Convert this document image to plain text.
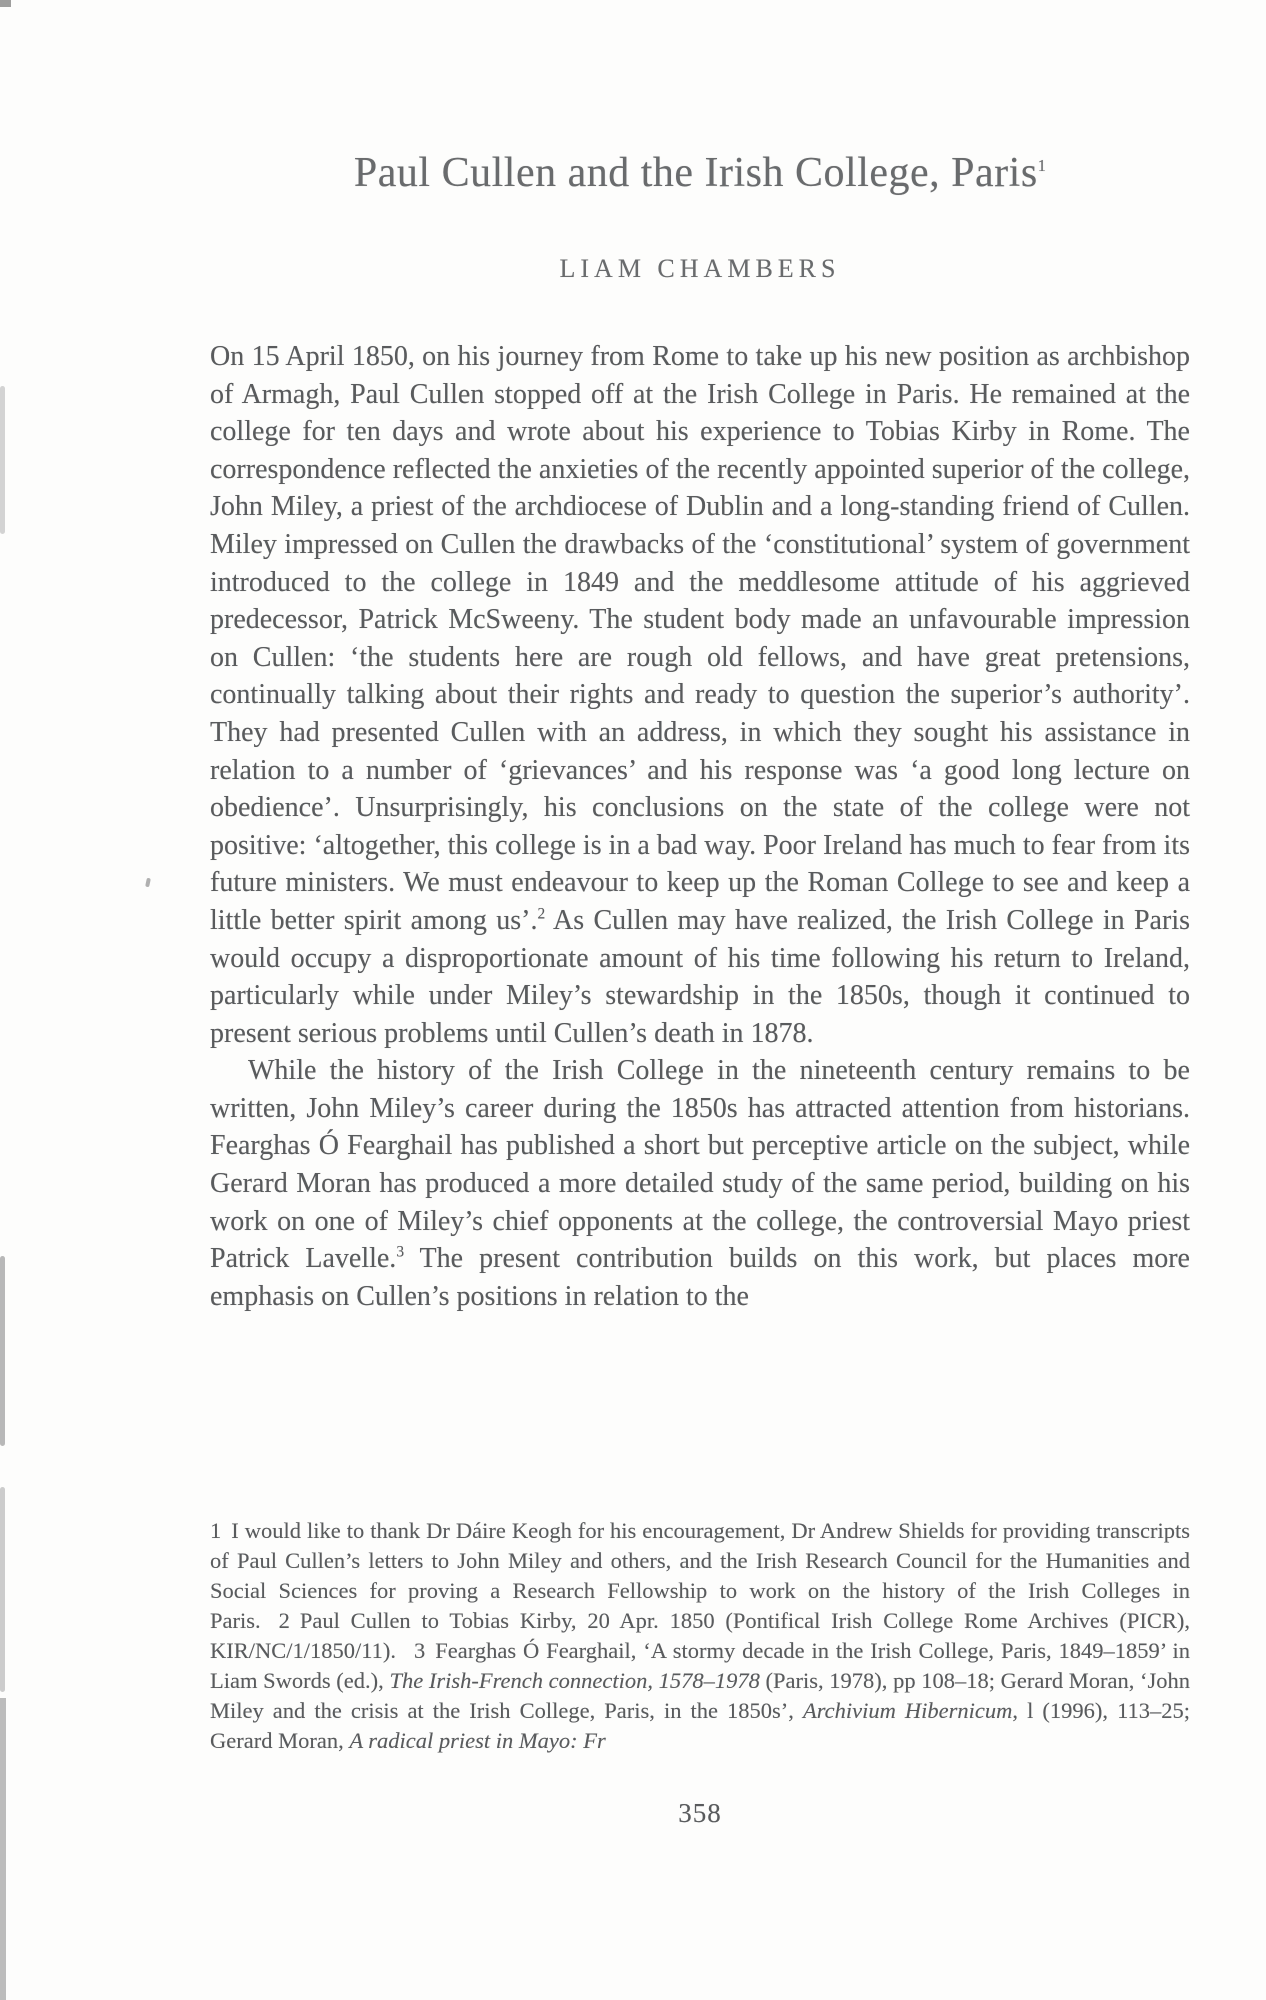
Paul Cullen and the Irish College, Paris$^1$
LIAM CHAMBERS

On 15 April 1850, on his journey from Rome to take up his new position as archbishop of Armagh, Paul Cullen stopped off at the Irish College in Paris. He remained at the college for ten days and wrote about his experience to Tobias Kirby in Rome. The correspondence reflected the anxieties of the recently appointed superior of the college, John Miley, a priest of the archdiocese of Dublin and a long-standing friend of Cullen. Miley impressed on Cullen the drawbacks of the ‘constitutional’ system of government introduced to the college in 1849 and the meddlesome attitude of his aggrieved predecessor, Patrick McSweeny. The student body made an unfavourable impression on Cullen: ‘the students here are rough old fellows, and have great pretensions, continually talking about their rights and ready to question the superior’s authority’. They had presented Cullen with an address, in which they sought his assistance in relation to a number of ‘grievances’ and his response was ‘a good long lecture on obedience’. Unsurprisingly, his conclusions on the state of the college were not positive: ‘altogether, this college is in a bad way. Poor Ireland has much to fear from its future ministers. We must endeavour to keep up the Roman College to see and keep a little better spirit among us’.$^2$ As Cullen may have realized, the Irish College in Paris would occupy a disproportionate amount of his time following his return to Ireland, particularly while under Miley’s stewardship in the 1850s, though it continued to present serious problems until Cullen’s death in 1878.

While the history of the Irish College in the nineteenth century remains to be written, John Miley’s career during the 1850s has attracted attention from historians. Fearghas Ó Fearghail has published a short but perceptive article on the subject, while Gerard Moran has produced a more detailed study of the same period, building on his work on one of Miley’s chief opponents at the college, the controversial Mayo priest Patrick Lavelle.$^3$ The present contribution builds on this work, but places more emphasis on Cullen’s positions in relation to the

1 I would like to thank Dr Dáire Keogh for his encouragement, Dr Andrew Shields for providing transcripts of Paul Cullen’s letters to John Miley and others, and the Irish Research Council for the Humanities and Social Sciences for proving a Research Fellowship to work on the history of the Irish Colleges in Paris. 2 Paul Cullen to Tobias Kirby, 20 Apr. 1850 (Pontifical Irish College Rome Archives (PICR), KIR/NC/1/1850/11). 3 Fearghas Ó Fearghail, ‘A stormy decade in the Irish College, Paris, 1849–1859’ in Liam Swords (ed.), The Irish-French connection, 1578–1978 (Paris, 1978), pp 108–18; Gerard Moran, ‘John Miley and the crisis at the Irish College, Paris, in the 1850s’, Archivium Hibernicum, l (1996), 113–25; Gerard Moran, A radical priest in Mayo: Fr
358
